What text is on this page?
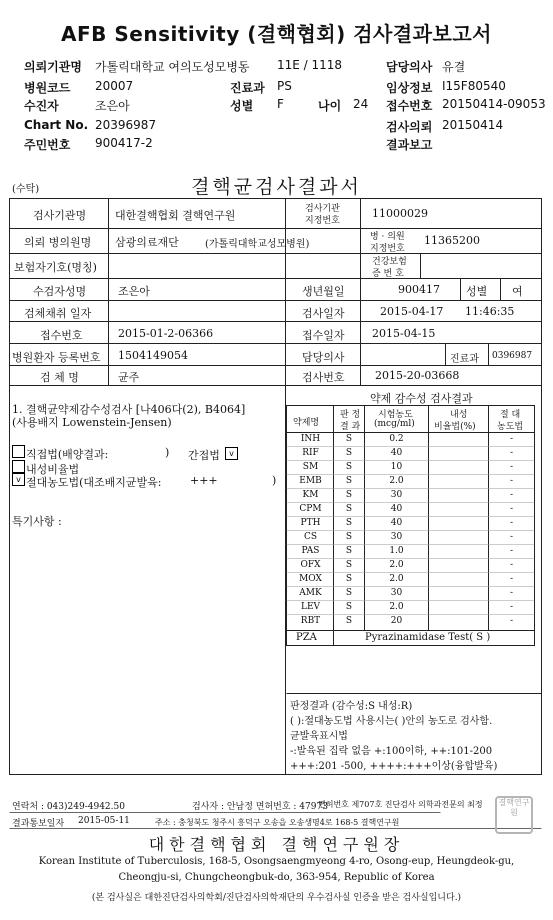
AFB Sensitivity (결핵협회) 검사결과보고서
의뢰기관명 가톨릭대학교 여의도성모병동 11E / 1118	담당의사 유결
병원코드 20007	진료과 PS	임상정보 I15F80540
수진자	조은아	성별 F	나이 24 접수번호 20150414-09053
Chart No. 20396987	검사의뢰 20150414
주민번호 900417-2	결과보고
(수탁)	결핵균검사결과서
검사기관명	대한결핵협회 결핵연구원	검사기관
지정번호
11000029
의뢰 병의원명 삼광의료재단	(가톨릭대학교성모병원)
병 · 의원
지정번호
11365200
보험자기호(명칭)	건강보험
증 번 호
수검자성명	조은아	생년월일	900417 성별 여
검체채취 일자	검사일자	2015-04-17 11:46:35
접수번호	2015-01-2-06366	접수일자 2015-04-15
병원환자 등록번호 1504149054	담당의사	진료과 0396987
검 체 명	균주	검사번호	2015-20-03668
1. 결핵균약제감수성검사 [나406다(2), B4064]
(사용배지 Lowenstein-Jensen)
직접법(배양결과:	) 간접법	v
내성비율법
v 절대농도법(대조배지균발육:	+++	)
특기사항 :
약제 감수성 검사결과
약제명
판 정
결 과
시험농도
(mcg/ml)
내성
비율법(%)
절 대
농도법
INH	S	0.2	-
RIF	S	40	-
SM	S	10	-
EMB	S	2.0	-
KM	S	30	-
CPM	S	40	-
PTH	S	40	-
CS	S	30	-
PAS	S	1.0	-
OFX	S	2.0	-
MOX	S	2.0	-
AMK	S	30	-
LEV	S	2.0	-
RBT	S	20	-
PZA	Pyrazinamidase Test( S )
판정결과 (감수성:S 내성:R)
( ):절대농도법 사용시는( )안의 농도로 검사함.
균발육표시법
-:발육된 집락 없음 +:100이하, ++:101-200
+++:201 -500, ++++:+++이상(융합발육)
연락처 : 043)249-4942.50	검사자 : 안남정 면허번호 : 47973
면허번호 제707호 진단검사 의학과전문의 최정
결과통보일자 2015-05-11	주소 : 충청북도 청주시 흥덕구 오송읍 오송생명4로 168-5 결핵연구원
결핵연구원
대한결핵협회 결핵연구원장
Korean Institute of Tuberculosis, 168-5, Osongsaengmyeong 4-ro, Osong-eup, Heungdeok-gu,
Cheongju-si, Chungcheongbuk-do, 363-954, Republic of Korea
(본 검사실은 대한진단검사의학회/진단검사의학재단의 우수검사실 인증을 받은 검사실입니다.)
